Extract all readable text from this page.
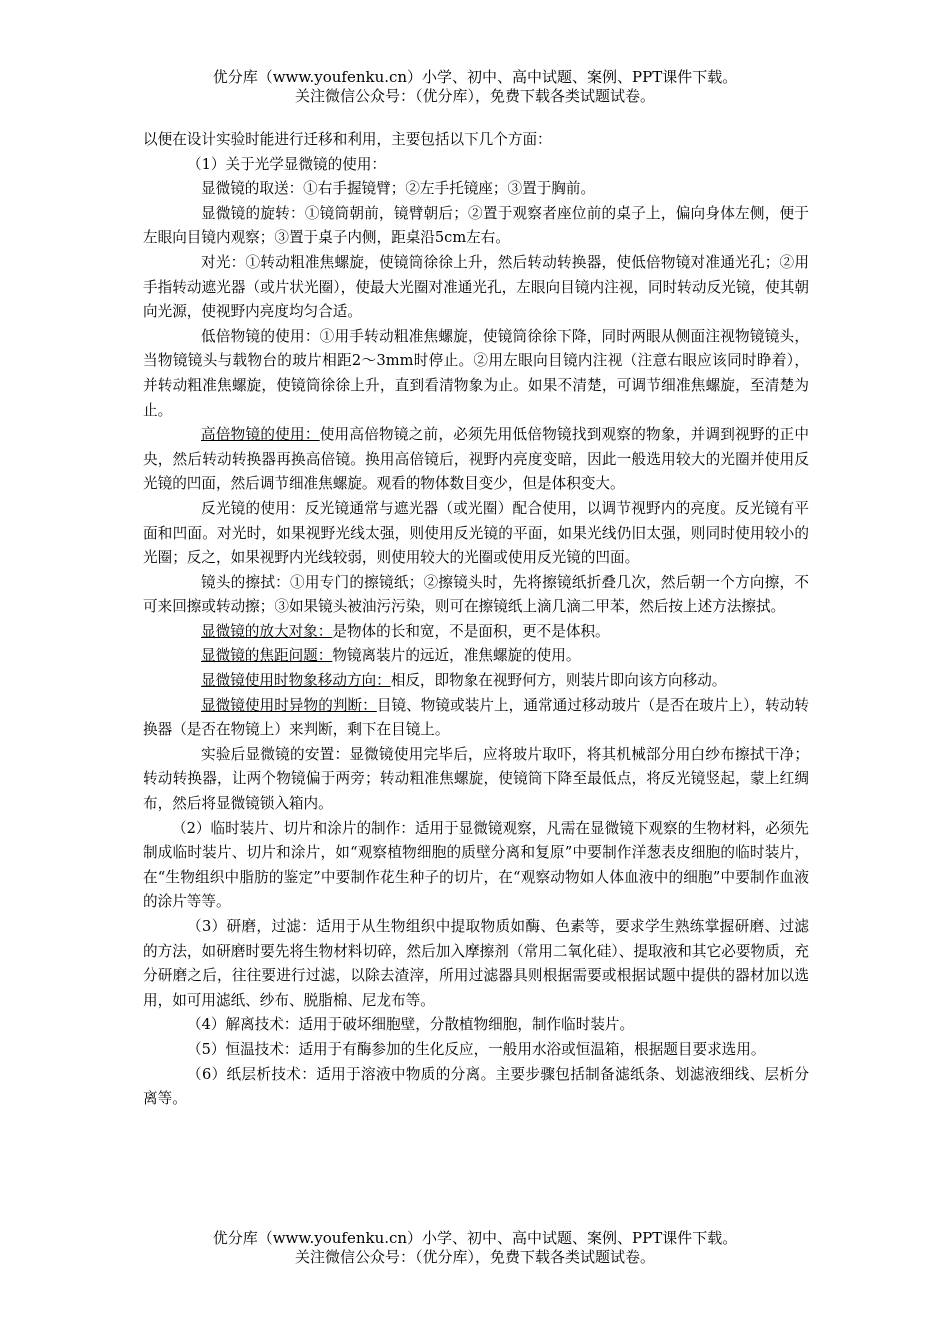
优分库（www.youfenku.cn）小学、初中、高中试题、案例、PPT课件下载。
关注微信公众号：（优分库），免费下载各类试题试卷。

以便在设计实验时能进行迁移和利用，主要包括以下几个方面：

（1）关于光学显微镜的使用：

显微镜的取送：①右手握镜臂；②左手托镜座；③置于胸前。

显微镜的旋转：①镜筒朝前，镜臂朝后；②置于观察者座位前的桌子上，偏向身体左侧，便于左眼向目镜内观察；③置于桌子内侧，距桌沿5cm左右。

对光：①转动粗准焦螺旋，使镜筒徐徐上升，然后转动转换器，使低倍物镜对准通光孔；②用手指转动遮光器（或片状光圈），使最大光圈对准通光孔，左眼向目镜内注视，同时转动反光镜，使其朝向光源，使视野内亮度均匀合适。

低倍物镜的使用：①用手转动粗准焦螺旋，使镜筒徐徐下降，同时两眼从侧面注视物镜镜头，当物镜镜头与载物台的玻片相距2～3mm时停止。②用左眼向目镜内注视（注意右眼应该同时睁着），并转动粗准焦螺旋，使镜筒徐徐上升，直到看清物象为止。如果不清楚，可调节细准焦螺旋，至清楚为止。

高倍物镜的使用：使用高倍物镜之前，必须先用低倍物镜找到观察的物象，并调到视野的正中央，然后转动转换器再换高倍镜。换用高倍镜后，视野内亮度变暗，因此一般选用较大的光圈并使用反光镜的凹面，然后调节细准焦螺旋。观看的物体数目变少，但是体积变大。

反光镜的使用：反光镜通常与遮光器（或光圈）配合使用，以调节视野内的亮度。反光镜有平面和凹面。对光时，如果视野光线太强，则使用反光镜的平面，如果光线仍旧太强，则同时使用较小的光圈；反之，如果视野内光线较弱，则使用较大的光圈或使用反光镜的凹面。

镜头的擦拭：①用专门的擦镜纸；②擦镜头时，先将擦镜纸折叠几次，然后朝一个方向擦，不可来回擦或转动擦；③如果镜头被油污污染，则可在擦镜纸上滴几滴二甲苯，然后按上述方法擦拭。

显微镜的放大对象：是物体的长和宽，不是面积，更不是体积。

显微镜的焦距问题：物镜离装片的远近，准焦螺旋的使用。

显微镜使用时物象移动方向：相反，即物象在视野何方，则装片即向该方向移动。

显微镜使用时异物的判断：目镜、物镜或装片上，通常通过移动玻片（是否在玻片上），转动转换器（是否在物镜上）来判断，剩下在目镜上。

实验后显微镜的安置：显微镜使用完毕后，应将玻片取吓，将其机械部分用白纱布擦拭干净；转动转换器，让两个物镜偏于两旁；转动粗准焦螺旋，使镜筒下降至最低点，将反光镜竖起，蒙上红绸布，然后将显微镜锁入箱内。

（2）临时装片、切片和涂片的制作：适用于显微镜观察，凡需在显微镜下观察的生物材料，必须先制成临时装片、切片和涂片，如“观察植物细胞的质壁分离和复原”中要制作洋葱表皮细胞的临时装片，在“生物组织中脂肪的鉴定”中要制作花生种子的切片，在“观察动物如人体血液中的细胞”中要制作血液的涂片等等。

（3）研磨，过滤：适用于从生物组织中提取物质如酶、色素等，要求学生熟练掌握研磨、过滤的方法，如研磨时要先将生物材料切碎，然后加入摩擦剂（常用二氧化硅）、提取液和其它必要物质，充分研磨之后，往往要进行过滤，以除去渣滓，所用过滤器具则根据需要或根据试题中提供的器材加以选用，如可用滤纸、纱布、脱脂棉、尼龙布等。

（4）解离技术：适用于破坏细胞壁，分散植物细胞，制作临时装片。

（5）恒温技术：适用于有酶参加的生化反应，一般用水浴或恒温箱，根据题目要求选用。

（6）纸层析技术：适用于溶液中物质的分离。主要步骤包括制备滤纸条、划滤液细线、层析分离等。

优分库（www.youfenku.cn）小学、初中、高中试题、案例、PPT课件下载。
关注微信公众号：（优分库），免费下载各类试题试卷。
